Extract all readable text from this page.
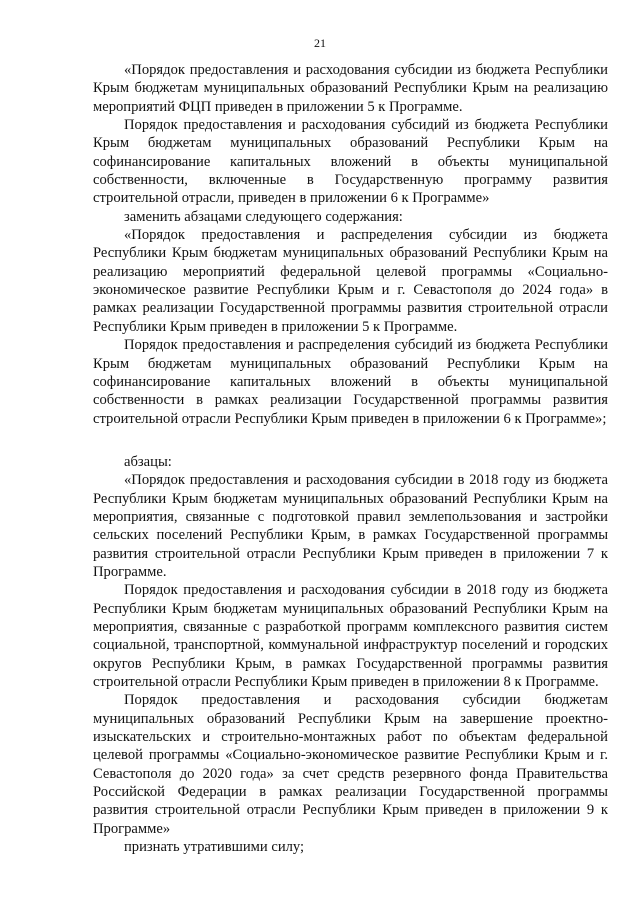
21

«Порядок предоставления и расходования субсидии из бюджета Республики Крым бюджетам муниципальных образований Республики Крым на реализацию мероприятий ФЦП приведен в приложении 5 к Программе.

Порядок предоставления и расходования субсидий из бюджета Республики Крым бюджетам муниципальных образований Республики Крым на софинансирование капитальных вложений в объекты муниципальной собственности, включенные в Государственную программу развития строительной отрасли, приведен в приложении 6 к Программе»

заменить абзацами следующего содержания:

«Порядок предоставления и распределения субсидии из бюджета Республики Крым бюджетам муниципальных образований Республики Крым на реализацию мероприятий федеральной целевой программы «Социально-экономическое развитие Республики Крым и г. Севастополя до 2024 года» в рамках реализации Государственной программы развития строительной отрасли Республики Крым приведен в приложении 5 к Программе.

Порядок предоставления и распределения субсидий из бюджета Республики Крым бюджетам муниципальных образований Республики Крым на софинансирование капитальных вложений в объекты муниципальной собственности в рамках реализации Государственной программы развития строительной отрасли Республики Крым приведен в приложении 6 к Программе»;

абзацы:

«Порядок предоставления и расходования субсидии в 2018 году из бюджета Республики Крым бюджетам муниципальных образований Республики Крым на мероприятия, связанные с подготовкой правил землепользования и застройки сельских поселений Республики Крым, в рамках Государственной программы развития строительной отрасли Республики Крым приведен в приложении 7 к Программе.

Порядок предоставления и расходования субсидии в 2018 году из бюджета Республики Крым бюджетам муниципальных образований Республики Крым на мероприятия, связанные с разработкой программ комплексного развития систем социальной, транспортной, коммунальной инфраструктур поселений и городских округов Республики Крым, в рамках Государственной программы развития строительной отрасли Республики Крым приведен в приложении 8 к Программе.

Порядок предоставления и расходования субсидии бюджетам муниципальных образований Республики Крым на завершение проектно-изыскательских и строительно-монтажных работ по объектам федеральной целевой программы «Социально-экономическое развитие Республики Крым и г. Севастополя до 2020 года» за счет средств резервного фонда Правительства Российской Федерации в рамках реализации Государственной программы развития строительной отрасли Республики Крым приведен в приложении 9 к Программе»

признать утратившими силу;
